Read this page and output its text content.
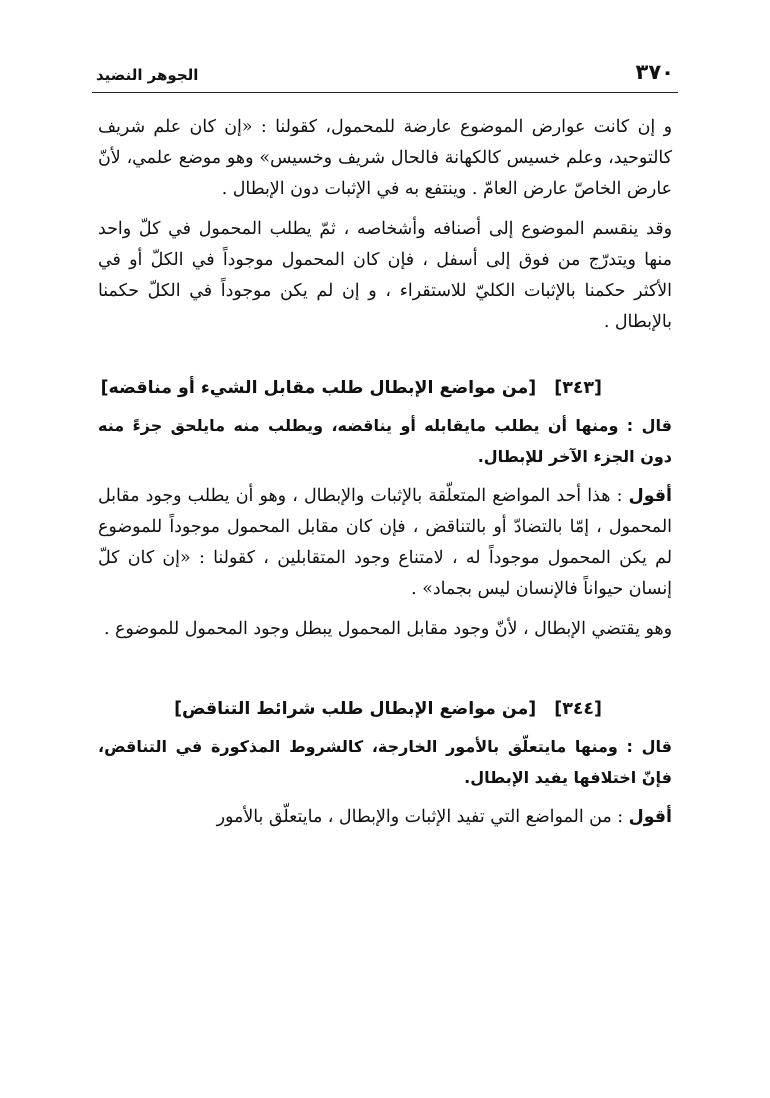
الجوهر النضيد	٣٧٠

و إن كانت عوارض الموضوع عارضة للمحمول، كقولنا : «إن كان علم شريف كالتوحيد، وعلم خسيس كالكهانة فالحال شريف وخسيس» وهو موضع علمي، لأنّ عارض الخاصّ عارض العامّ . وينتفع به في الإثبات دون الإبطال .

وقد ينقسم الموضوع إلى أصنافه وأشخاصه ، ثمّ يطلب المحمول في كلّ واحد منها ويتدرّج من فوق إلى أسفل ، فإن كان المحمول موجوداً في الكلّ أو في الأكثر حكمنا بالإثبات الكليّ للاستقراء ، و إن لم يكن موجوداً في الكلّ حكمنا بالإبطال .

[٣٤٣][من مواضع الإبطال طلب مقابل الشيء أو مناقضه]

قال : ومنها أن يطلب مايقابله أو يناقضه، ويطلب منه مايلحق جزءً منه دون الجزء الآخر للإبطال.

أقول : هذا أحد المواضع المتعلّقة بالإثبات والإبطال ، وهو أن يطلب وجود مقابل المحمول ، إمّا بالتضادّ أو بالتناقض ، فإن كان مقابل المحمول موجوداً للموضوع لم يكن المحمول موجوداً له ، لامتناع وجود المتقابلين ، كقولنا : «إن كان كلّ إنسان حيواناً فالإنسان ليس بجماد» .

وهو يقتضي الإبطال ، لأنّ وجود مقابل المحمول يبطل وجود المحمول للموضوع .

[٣٤٤][من مواضع الإبطال طلب شرائط التناقض]

قال : ومنها مايتعلّق بالأمور الخارجة، كالشروط المذكورة في التناقض، فإنّ اختلافها يفيد الإبطال.

أقول : من المواضع التي تفيد الإثبات والإبطال ، مايتعلّق بالأمور
